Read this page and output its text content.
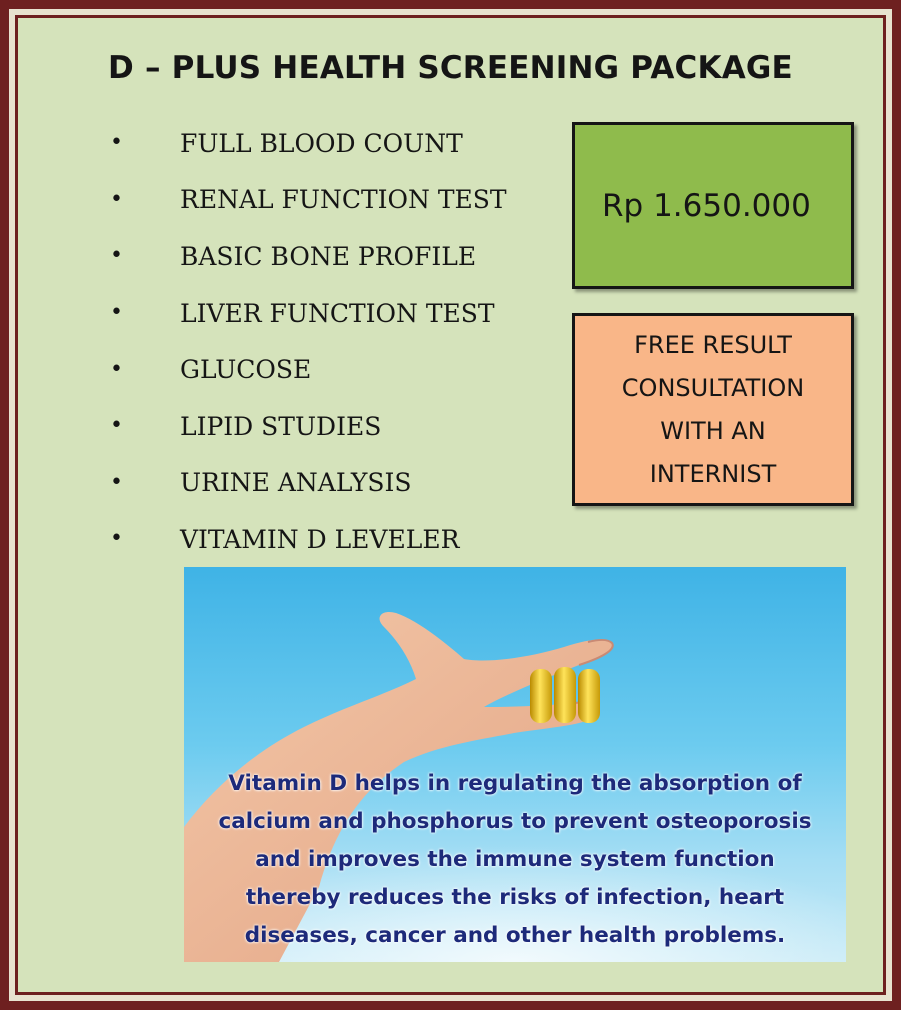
D – PLUS HEALTH SCREENING PACKAGE
•	FULL BLOOD COUNT
•	RENAL FUNCTION TEST
•	BASIC BONE PROFILE
•	LIVER FUNCTION TEST
•	GLUCOSE
•	LIPID STUDIES
•	URINE ANALYSIS
•	VITAMIN D LEVELER
Rp 1.650.000
FREE RESULT
CONSULTATION
WITH AN
INTERNIST

Vitamin D helps in regulating the absorption of
calcium and phosphorus to prevent osteoporosis
and improves the immune system function
thereby reduces the risks of infection, heart
diseases, cancer and other health problems.
